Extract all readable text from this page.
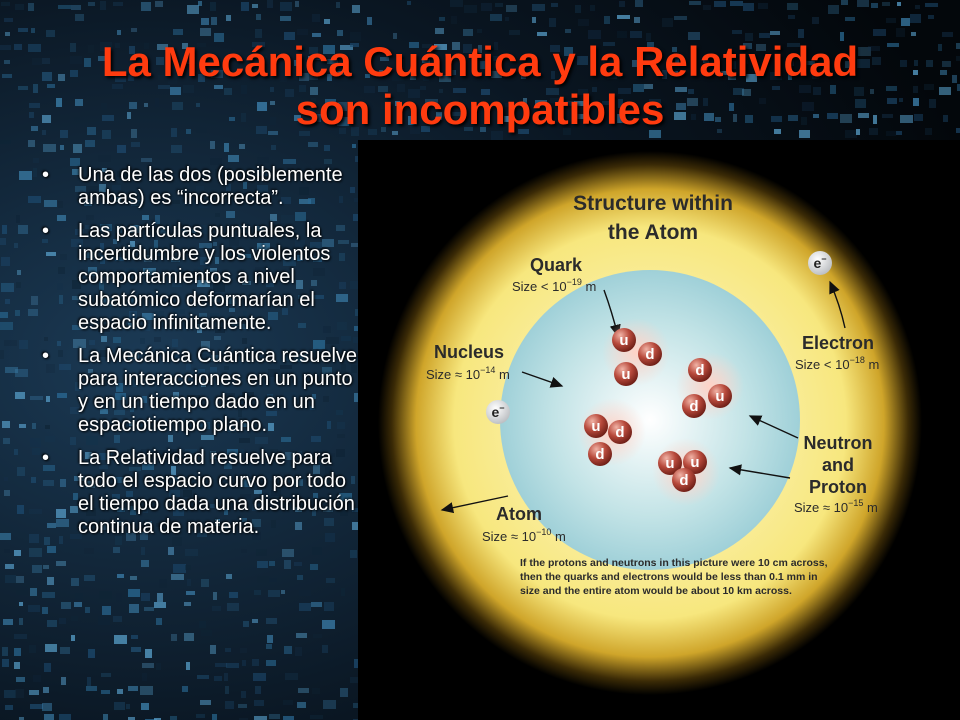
La Mecánica Cuántica y la Relatividad
son incompatibles
• Una de las dos (posiblemente ambas) es “incorrecta”.
• Las partículas puntuales, la incertidumbre y los violentos comportamientos a nivel subatómico deformarían el espacio infinitamente.
• La Mecánica Cuántica resuelve para interacciones en un punto y en un tiempo dado en un espaciotiempo plano.
• La Relatividad resuelve para todo el espacio curvo por todo el tiempo dada una distribución continua de materia.
Structure within
the Atom
Quark
Size < $10^{-19}$ m
e−
Electron
Size < $10^{-18}$ m
Nucleus
Size ≈ $10^{-14}$ m
e−
u
d
u	d
d
u
u d
d
u u
d
Neutron
and
Proton
Size ≈ $10^{-15}$ m
Atom
Size ≈ $10^{-10}$ m
If the protons and neutrons in this picture were 10 cm across,
then the quarks and electrons would be less than 0.1 mm in
size and the entire atom would be about 10 km across.
